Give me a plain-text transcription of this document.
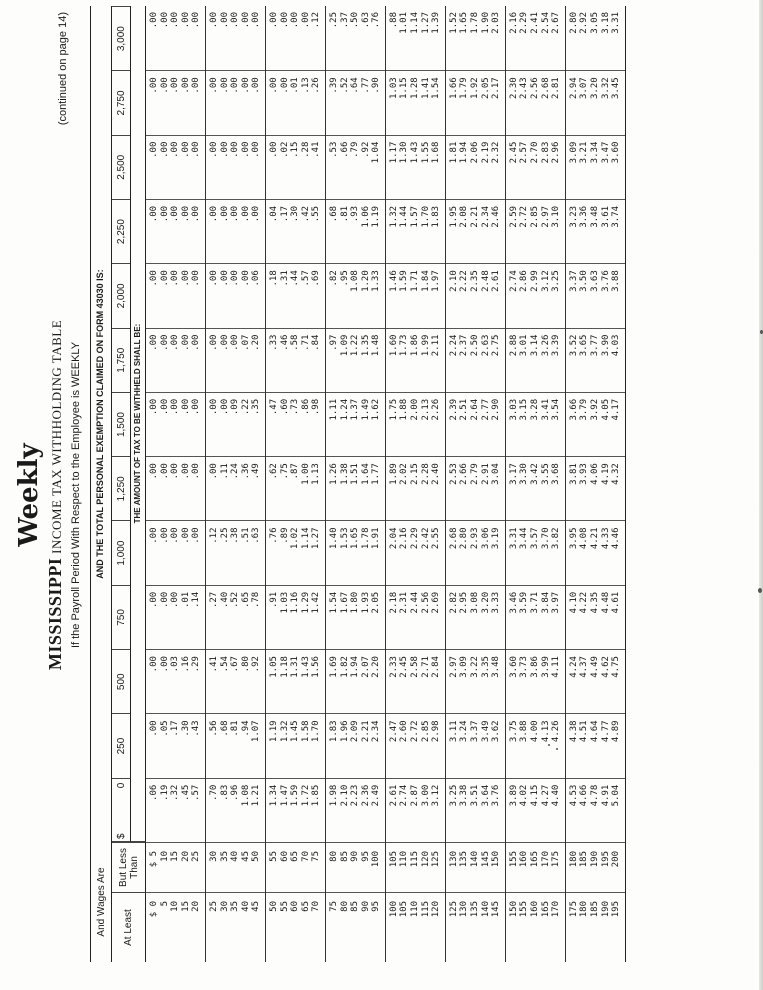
Weekly
MISSISSIPPI INCOME TAX WITHHOLDING TABLE If the Payroll Period With Respect to the Employee is WEEKLY
And Wages Are
AND THE TOTAL PERSONAL EXEMPTION CLAIMED ON FORM 43030 IS:
(continued on page 14)
At Least
But Less Than
$
0
250
500
750
1,000
1,250
1,500
1,750
2,000
2,250
2,500
2,750
3,000
THE AMOUNT OF TAX TO BE WITHHELD SHALL BE:
$ 0
5
10
15
20
$ 5
10
15
20
25
.06
.19
.32
.45
.57
.00
.05
.17
.30
.43
.00
.00
.03
.16
.29
.00
.00
.00
.01
.14
.00
.00
.00
.00
.00
.00
.00
.00
.00
.00
.00
.00
.00
.00
.00
.00
.00
.00
.00
.00
.00
.00
.00
.00
.00
.00
.00
.00
.00
.00
.00
.00
.00
.00
.00
.00
.00
.00
.00
.00
.00
.00
.00
.00
.00
25
30
35
40
45
30
35
40
45
50
.70
.83
.96
1.08
1.21
.56
.68
.81
.94
1.07
.41
.54
.67
.80
.92
.27
.40
.52
.65
.78
.12
.25
.38
.51
.63
.00
.11
.24
.36
.49
.00
.00
.09
.22
.35
.00
.00
.00
.07
.20
.00
.00
.00
.00
.06
.00
.00
.00
.00
.00
.00
.00
.00
.00
.00
.00
.00
.00
.00
.00
.00
.00
.00
.00
.00
50
55
60
65
70
55
60
65
70
75
1.34
1.47
1.59
1.72
1.85
1.19
1.32
1.45
1.58
1.70
1.05
1.18
1.31
1.43
1.56
.91
1.03
1.16
1.29
1.42
.76
.89
1.02
1.14
1.27
.62
.75
.87
1.00
1.13
.47
.60
.73
.86
.98
.33
.46
.58
.71
.84
.18
.31
.44
.57
.69
.04
.17
.30
.42
.55
.00
.02
.15
.28
.41
.00
.00
.01
.13
.26
.00
.00
.00
.00
.12
75
80
85
90
95
80
85
90
95
100
1.98
2.10
2.23
2.36
2.49
1.83
1.96
2.09
2.21
2.34
1.69
1.82
1.94
2.07
2.20
1.54
1.67
1.80
1.93
2.05
1.40
1.53
1.65
1.78
1.91
1.26
1.38
1.51
1.64
1.77
1.11
1.24
1.37
1.49
1.62
.97
1.09
1.22
1.35
1.48
.82
.95
1.08
1.20
1.33
.68
.81
.93
1.06
1.19
.53
.66
.79
.92
1.04
.39
.52
.64
.77
.90
.25
.37
.50
.63
.76
100
105
110
115
120
105
110
115
120
125
2.61
2.74
2.87
3.00
3.12
2.47
2.60
2.72
2.85
2.98
2.33
2.45
2.58
2.71
2.84
2.18
2.31
2.44
2.56
2.69
2.04
2.16
2.29
2.42
2.55
1.89
2.02
2.15
2.28
2.40
1.75
1.88
2.00
2.13
2.26
1.60
1.73
1.86
1.99
2.11
1.46
1.59
1.71
1.84
1.97
1.32
1.44
1.57
1.70
1.83
1.17
1.30
1.43
1.55
1.68
1.03
1.15
1.28
1.41
1.54
.88
1.01
1.14
1.27
1.39
125
130
135
140
145
130
135
140
145
150
3.25
3.38
3.51
3.64
3.76
3.11
3.24
3.37
3.49
3.62
2.97
3.09
3.22
3.35
3.48
2.82
2.95
3.08
3.20
3.33
2.68
2.80
2.93
3.06
3.19
2.53
2.66
2.79
2.91
3.04
2.39
2.51
2.64
2.77
2.90
2.24
2.37
2.50
2.63
2.75
2.10
2.22
2.35
2.48
2.61
1.95
2.08
2.21
2.34
2.46
1.81
1.94
2.06
2.19
2.32
1.66
1.79
1.92
2.05
2.17
1.52
1.65
1.78
1.90
2.03
150
155
160
165
170
155
160
165
170
175
3.89
4.02
4.15
4.27
4.40
3.75
3.88
4.00
4.13
4.26
3.60
3.73
3.86
3.99
4.11
3.46
3.59
3.71
3.84
3.97
3.31
3.44
3.57
3.70
3.82
3.17
3.30
3.42
3.55
3.68
3.03
3.15
3.28
3.41
3.54
2.88
3.01
3.14
3.26
3.39
2.74
2.86
2.99
3.12
3.25
2.59
2.72
2.85
2.97
3.10
2.45
2.57
2.70
2.83
2.96
2.30
2.43
2.56
2.68
2.81
2.16
2.29
2.41
2.54
2.67
175
180
185
190
195
180
185
190
195
200
4.53
4.66
4.78
4.91
5.04
4.38
4.51
4.64
4.77
4.89
4.24
4.37
4.49
4.62
4.75
4.10
4.22
4.35
4.48
4.61
3.95
4.08
4.21
4.33
4.46
3.81
3.93
4.06
4.19
4.32
3.66
3.79
3.92
4.05
4.17
3.52
3.65
3.77
3.90
4.03
3.37
3.50
3.63
3.76
3.88
3.23
3.36
3.48
3.61
3.74
3.09
3.21
3.34
3.47
3.60
2.94
3.07
3.20
3.32
3.45
2.80
2.92
3.05
3.18
3.31
